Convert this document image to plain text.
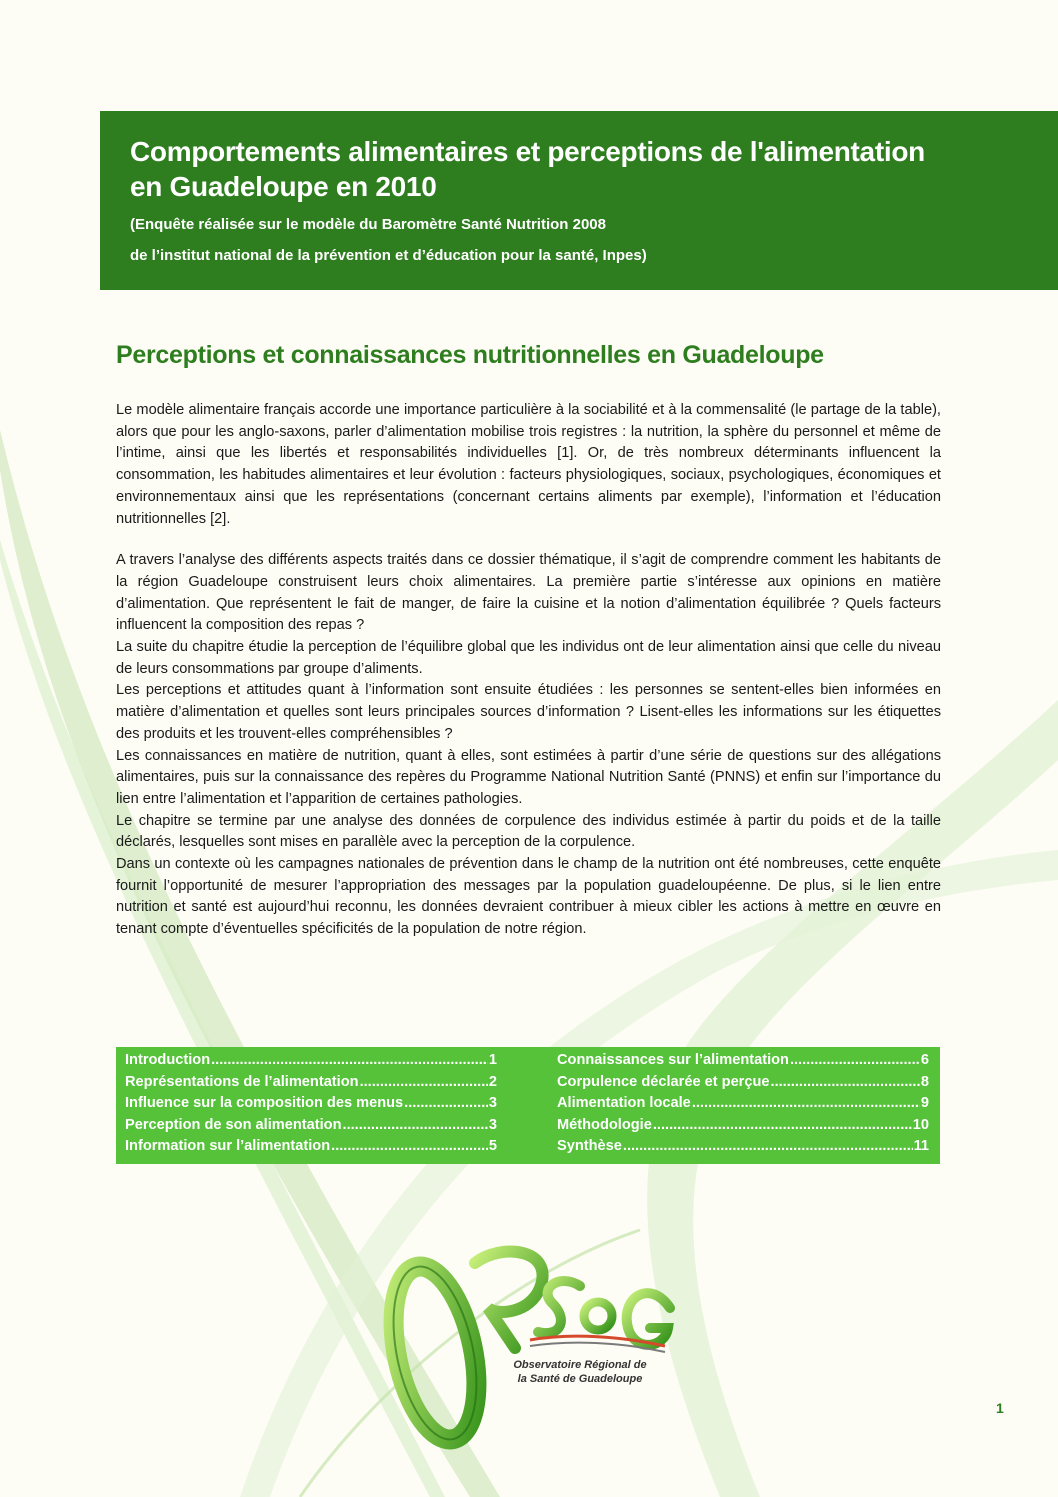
Comportements alimentaires et perceptions de l'alimentation
en Guadeloupe en 2010

(Enquête réalisée sur le modèle du Baromètre Santé Nutrition 2008

de l’institut national de la prévention et d’éducation pour la santé, Inpes)

Perceptions et connaissances nutritionnelles en Guadeloupe

Le modèle alimentaire français accorde une importance particulière à la sociabilité et à la commensalité (le partage de la table), alors que pour les anglo-saxons, parler d’alimentation mobilise trois registres : la nutrition, la sphère du personnel et même de l’intime, ainsi que les libertés et responsabilités individuelles [1]. Or, de très nombreux déterminants influencent la consommation, les habitudes alimentaires et leur évolution : facteurs physiologiques, sociaux, psychologiques, économiques et environnementaux ainsi que les représentations (concernant certains aliments par exemple), l’information et l’éducation nutritionnelles [2].

A travers l’analyse des différents aspects traités dans ce dossier thématique, il s’agit de comprendre comment les habitants de la région Guadeloupe construisent leurs choix alimentaires. La première partie s’intéresse aux opinions en matière d’alimentation. Que représentent le fait de manger, de faire la cuisine et la notion d’alimentation équilibrée ? Quels facteurs influencent la composition des repas ?

La suite du chapitre étudie la perception de l’équilibre global que les individus ont de leur alimentation ainsi que celle du niveau de leurs consommations par groupe d’aliments.

Les perceptions et attitudes quant à l’information sont ensuite étudiées : les personnes se sentent-elles bien informées en matière d’alimentation et quelles sont leurs principales sources d’information ? Lisent-elles les informations sur les étiquettes des produits et les trouvent-elles compréhensibles ?

Les connaissances en matière de nutrition, quant à elles, sont estimées à partir d’une série de questions sur des allégations alimentaires, puis sur la connaissance des repères du Programme National Nutrition Santé (PNNS) et enfin sur l’importance du lien entre l’alimentation et l’apparition de certaines pathologies.

Le chapitre se termine par une analyse des données de corpulence des individus estimée à partir du poids et de la taille déclarés, lesquelles sont mises en parallèle avec la perception de la corpulence.

Dans un contexte où les campagnes nationales de prévention dans le champ de la nutrition ont été nombreuses, cette enquête fournit l’opportunité de mesurer l’appropriation des messages par la population guadeloupéenne. De plus, si le lien entre nutrition et santé est aujourd’hui reconnu, les données devraient contribuer à mieux cibler les actions à mettre en œuvre en tenant compte d’éventuelles spécificités de la population de notre région.

Introduction .....	1
Représentations de l’alimentation .....	2
Influence sur la composition des menus .....	3
Perception de son alimentation .....	3
Information sur l’alimentation .....	5
Connaissances sur l’alimentation .....	6
Corpulence déclarée et perçue .....	8
Alimentation locale .....	9
Méthodologie .....	10
Synthèse .....	11
Observatoire Régional de
la Santé de Guadeloupe
1
